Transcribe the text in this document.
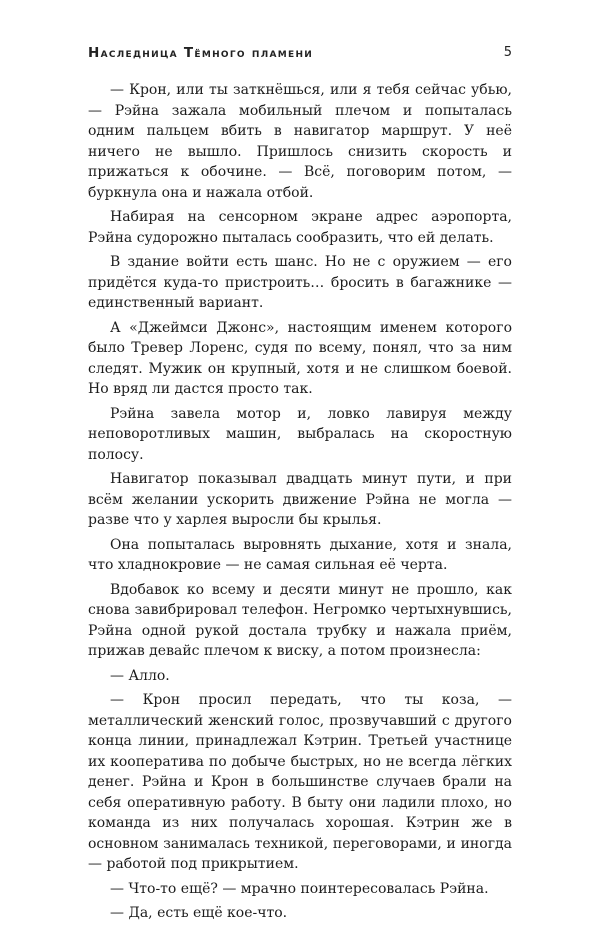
Наследница Тёмного пламени	5

— Крон, или ты заткнёшься, или я тебя сейчас убью, — Рэйна зажала мобильный плечом и попыталась одним пальцем вбить в навигатор маршрут. У неё ничего не вышло. Пришлось снизить скорость и прижаться к обочине. — Всё, поговорим потом, — буркнула она и нажала отбой.

Набирая на сенсорном экране адрес аэропорта, Рэйна судорожно пыталась сообразить, что ей делать.

В здание войти есть шанс. Но не с оружием — его придётся куда-то пристроить… бросить в багажнике — единственный вариант.

А «Джеймси Джонс», настоящим именем которого было Тревер Лоренс, судя по всему, понял, что за ним следят. Мужик он крупный, хотя и не слишком боевой. Но вряд ли дастся просто так.

Рэйна завела мотор и, ловко лавируя между неповоротливых машин, выбралась на скоростную полосу.

Навигатор показывал двадцать минут пути, и при всём желании ускорить движение Рэйна не могла — разве что у харлея выросли бы крылья.

Она попыталась выровнять дыхание, хотя и знала, что хладнокровие — не самая сильная её черта.

Вдобавок ко всему и десяти минут не прошло, как снова завибрировал телефон. Негромко чертыхнувшись, Рэйна одной рукой достала трубку и нажала приём, прижав девайс плечом к виску, а потом произнесла:

— Алло.

— Крон просил передать, что ты коза, — металлический женский голос, прозвучавший с другого конца линии, принадлежал Кэтрин. Третьей участнице их кооператива по добыче быстрых, но не всегда лёгких денег. Рэйна и Крон в большинстве случаев брали на себя оперативную работу. В быту они ладили плохо, но команда из них получалась хорошая. Кэтрин же в основном занималась техникой, переговорами, и иногда — работой под прикрытием.

— Что-то ещё? — мрачно поинтересовалась Рэйна.

— Да, есть ещё кое-что.
